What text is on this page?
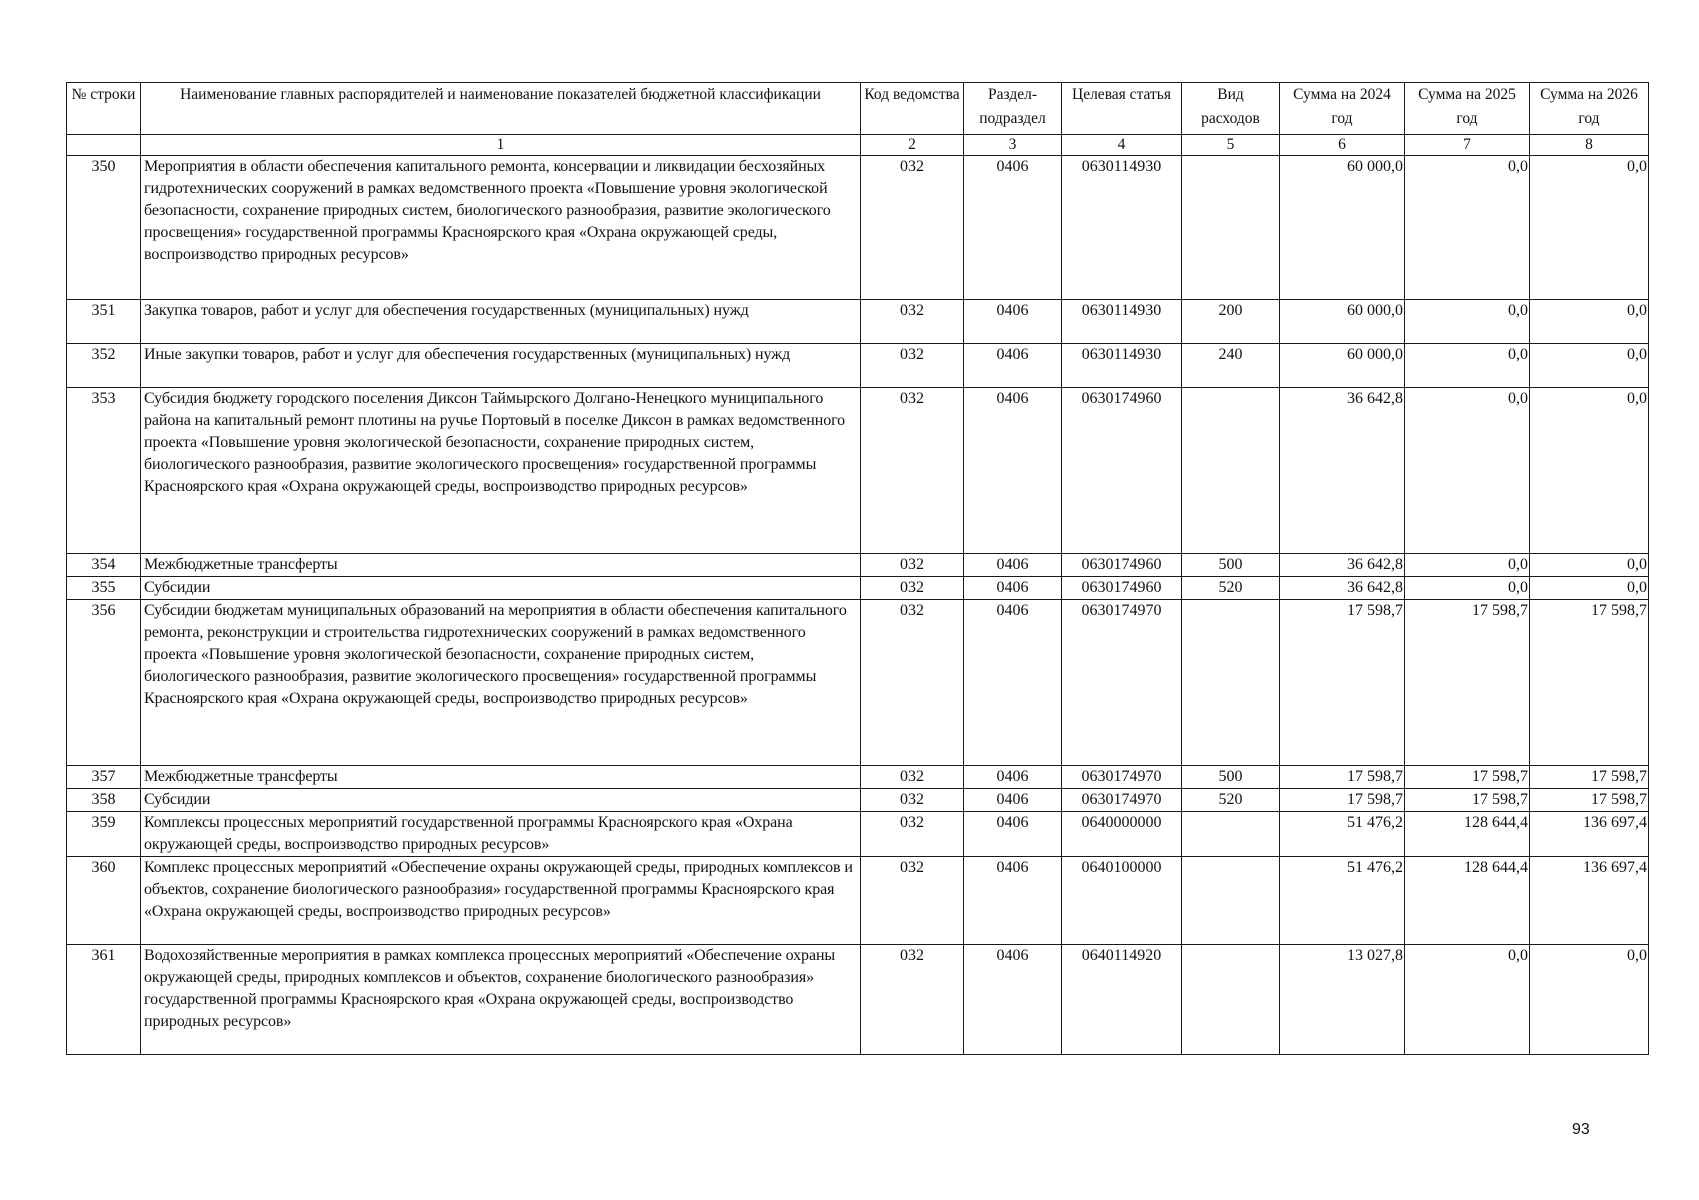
№ строки	Наименование главных распорядителей и наименование показателей бюджетной классификации	Код ведомства	Раздел- подраздел	Целевая статья	Вид расходов	Сумма на 2024 год	Сумма на 2025 год	Сумма на 2026 год
	1	2	3	4	5	6	7	8
350	Мероприятия в области обеспечения капитального ремонта, консервации и ликвидации бесхозяйных гидротехнических сооружений в рамках ведомственного проекта «Повышение уровня экологической безопасности, сохранение природных систем, биологического разнообразия, развитие экологического просвещения» государственной программы Красноярского края «Охрана окружающей среды, воспроизводство природных ресурсов»	032	0406	0630114930		60 000,0	0,0	0,0
351	Закупка товаров, работ и услуг для обеспечения государственных (муниципальных) нужд	032	0406	0630114930	200	60 000,0	0,0	0,0
352	Иные закупки товаров, работ и услуг для обеспечения государственных (муниципальных) нужд	032	0406	0630114930	240	60 000,0	0,0	0,0
353	Субсидия бюджету городского поселения Диксон Таймырского Долгано-Ненецкого муниципального района на капитальный ремонт плотины на ручье Портовый в поселке Диксон в рамках ведомственного проекта «Повышение уровня экологической безопасности, сохранение природных систем, биологического разнообразия, развитие экологического просвещения» государственной программы Красноярского края «Охрана окружающей среды, воспроизводство природных ресурсов»	032	0406	0630174960		36 642,8	0,0	0,0
354	Межбюджетные трансферты	032	0406	0630174960	500	36 642,8	0,0	0,0
355	Субсидии	032	0406	0630174960	520	36 642,8	0,0	0,0
356	Субсидии бюджетам муниципальных образований на мероприятия в области обеспечения капитального ремонта, реконструкции и строительства гидротехнических сооружений в рамках ведомственного проекта «Повышение уровня экологической безопасности, сохранение природных систем, биологического разнообразия, развитие экологического просвещения» государственной программы Красноярского края «Охрана окружающей среды, воспроизводство природных ресурсов»	032	0406	0630174970		17 598,7	17 598,7	17 598,7
357	Межбюджетные трансферты	032	0406	0630174970	500	17 598,7	17 598,7	17 598,7
358	Субсидии	032	0406	0630174970	520	17 598,7	17 598,7	17 598,7
359	Комплексы процессных мероприятий государственной программы Красноярского края «Охрана окружающей среды, воспроизводство природных ресурсов»	032	0406	0640000000		51 476,2	128 644,4	136 697,4
360	Комплекс процессных мероприятий «Обеспечение охраны окружающей среды, природных комплексов и объектов, сохранение биологического разнообразия» государственной программы Красноярского края «Охрана окружающей среды, воспроизводство природных ресурсов»	032	0406	0640100000		51 476,2	128 644,4	136 697,4
361	Водохозяйственные мероприятия в рамках комплекса процессных мероприятий «Обеспечение охраны окружающей среды, природных комплексов и объектов, сохранение биологического разнообразия» государственной программы Красноярского края «Охрана окружающей среды, воспроизводство природных ресурсов»	032	0406	0640114920		13 027,8	0,0	0,0
93
